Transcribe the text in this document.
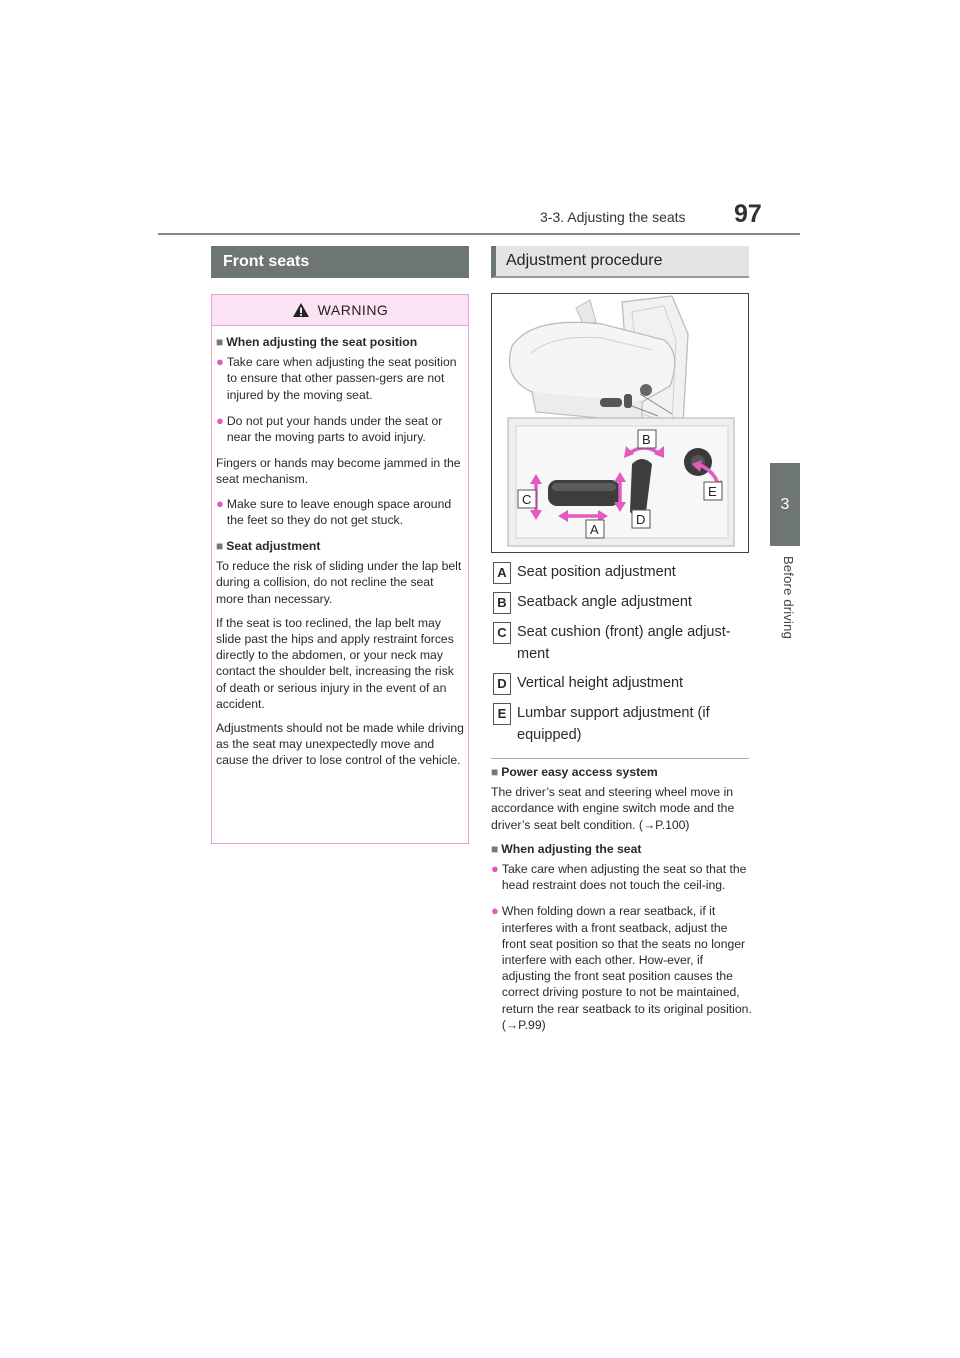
3-3. Adjusting the seats 97
3
Before driving
Front seats
WARNING
■ When adjusting the seat position
● Take care when adjusting the seat position to ensure that other passen-gers are not injured by the moving seat.
● Do not put your hands under the seat or near the moving parts to avoid injury.
Fingers or hands may become jammed in the seat mechanism.
● Make sure to leave enough space around the feet so they do not get stuck.
■ Seat adjustment
To reduce the risk of sliding under the lap belt during a collision, do not recline the seat more than necessary.
If the seat is too reclined, the lap belt may slide past the hips and apply restraint forces directly to the abdomen, or your neck may contact the shoulder belt, increasing the risk of death or serious injury in the event of an accident.
Adjustments should not be made while driving as the seat may unexpectedly move and cause the driver to lose control of the vehicle.
Adjustment procedure
B
C
E
D
A
A Seat position adjustment
B Seatback angle adjustment
C Seat cushion (front) angle adjust-ment
D Vertical height adjustment
E Lumbar support adjustment (if equipped)
■ Power easy access system
The driver’s seat and steering wheel move in accordance with engine switch mode and the driver’s seat belt condition. (→P.100)
■ When adjusting the seat
● Take care when adjusting the seat so that the head restraint does not touch the ceil-ing.
● When folding down a rear seatback, if it interferes with a front seatback, adjust the front seat position so that the seats no longer interfere with each other. How-ever, if adjusting the front seat position causes the correct driving posture to not be maintained, return the rear seatback to its original position. (→P.99)
